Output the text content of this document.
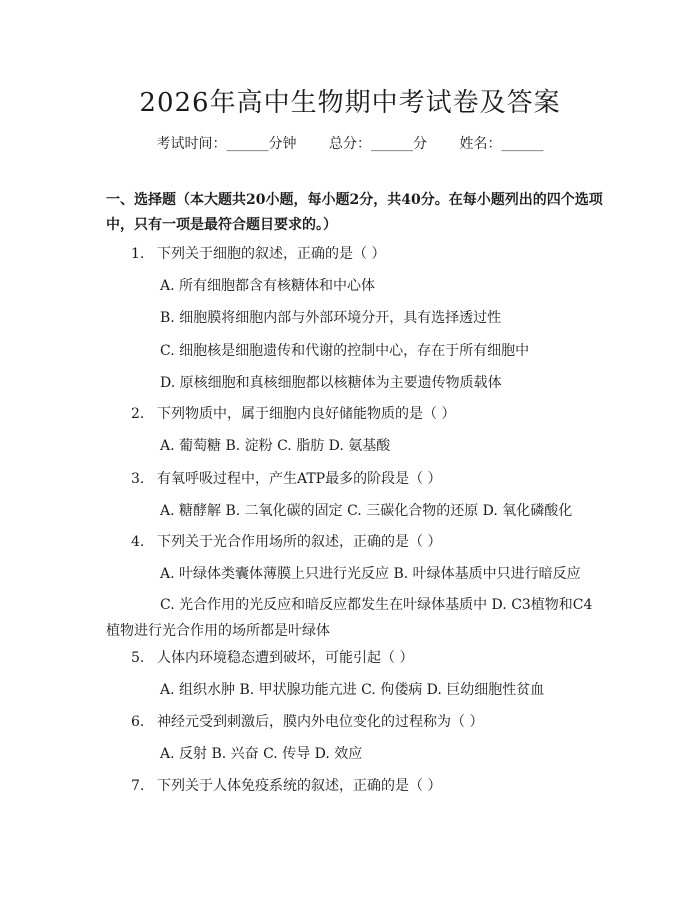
2026年高中生物期中考试卷及答案
考试时间：______分钟 总分：______分 姓名：______
一、选择题（本大题共20小题，每小题2分，共40分。在每小题列出的四个选项中，只有一项是最符合题目要求的。）
1. 下列关于细胞的叙述，正确的是（ ）
A. 所有细胞都含有核糖体和中心体
B. 细胞膜将细胞内部与外部环境分开，具有选择透过性
C. 细胞核是细胞遗传和代谢的控制中心，存在于所有细胞中
D. 原核细胞和真核细胞都以核糖体为主要遗传物质载体
2. 下列物质中，属于细胞内良好储能物质的是（ ）
A. 葡萄糖 B. 淀粉 C. 脂肪 D. 氨基酸
3. 有氧呼吸过程中，产生ATP最多的阶段是（ ）
A. 糖酵解 B. 二氧化碳的固定 C. 三碳化合物的还原 D. 氧化磷酸化
4. 下列关于光合作用场所的叙述，正确的是（ ）
A. 叶绿体类囊体薄膜上只进行光反应 B. 叶绿体基质中只进行暗反应
C. 光合作用的光反应和暗反应都发生在叶绿体基质中 D. C3植物和C4植物进行光合作用的场所都是叶绿体
5. 人体内环境稳态遭到破坏，可能引起（ ）
A. 组织水肿 B. 甲状腺功能亢进 C. 佝偻病 D. 巨幼细胞性贫血
6. 神经元受到刺激后，膜内外电位变化的过程称为（ ）
A. 反射 B. 兴奋 C. 传导 D. 效应
7. 下列关于人体免疫系统的叙述，正确的是（ ）
